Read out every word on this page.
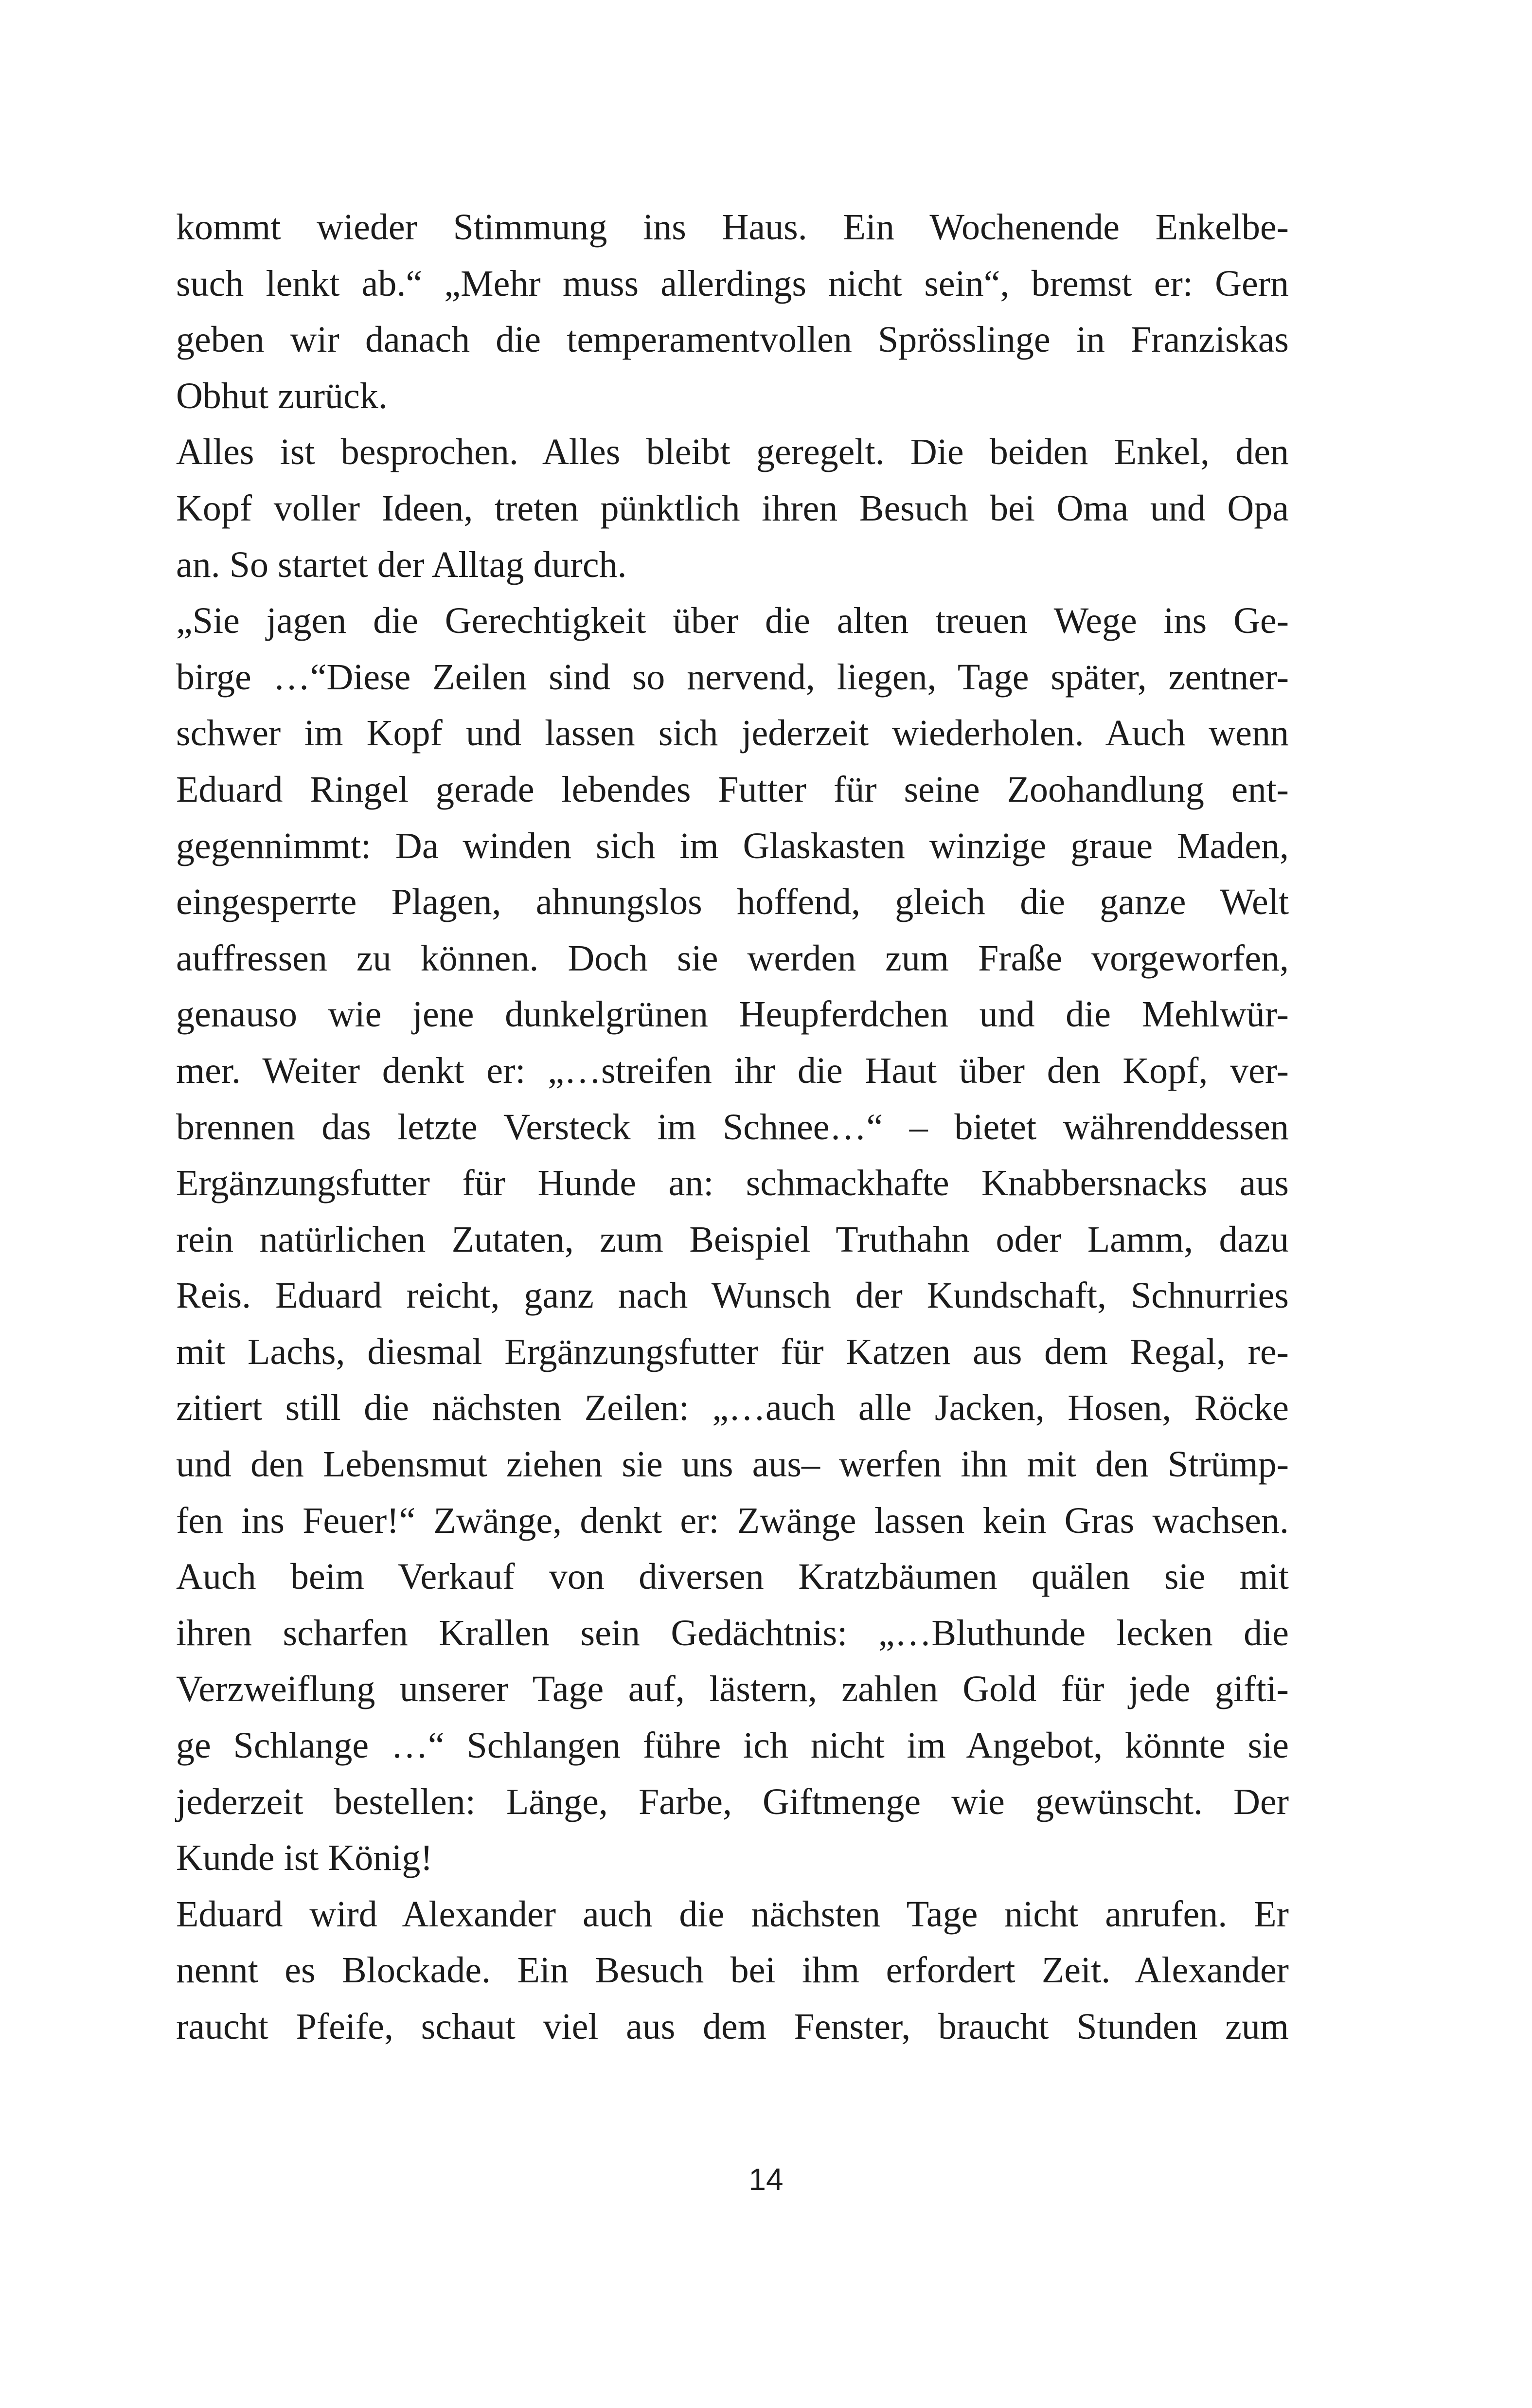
kommt wieder Stimmung ins Haus. Ein Wochenende Enkelbe-
such lenkt ab.“ „Mehr muss allerdings nicht sein“, bremst er: Gern
geben wir danach die temperamentvollen Sprösslinge in Franziskas
Obhut zurück.
Alles ist besprochen. Alles bleibt geregelt. Die beiden Enkel, den
Kopf voller Ideen, treten pünktlich ihren Besuch bei Oma und Opa
an. So startet der Alltag durch.
„Sie jagen die Gerechtigkeit über die alten treuen Wege ins Ge-
birge …“Diese Zeilen sind so nervend, liegen, Tage später, zentner-
schwer im Kopf und lassen sich jederzeit wiederholen. Auch wenn
Eduard Ringel gerade lebendes Futter für seine Zoohandlung ent-
gegennimmt: Da winden sich im Glaskasten winzige graue Maden,
eingesperrte Plagen, ahnungslos hoffend, gleich die ganze Welt
auffressen zu können. Doch sie werden zum Fraße vorgeworfen,
genauso wie jene dunkelgrünen Heupferdchen und die Mehlwür-
mer. Weiter denkt er: „…streifen ihr die Haut über den Kopf, ver-
brennen das letzte Versteck im Schnee…“ – bietet währenddessen
Ergänzungsfutter für Hunde an: schmackhafte Knabbersnacks aus
rein natürlichen Zutaten, zum Beispiel Truthahn oder Lamm, dazu
Reis. Eduard reicht, ganz nach Wunsch der Kundschaft, Schnurries
mit Lachs, diesmal Ergänzungsfutter für Katzen aus dem Regal, re-
zitiert still die nächsten Zeilen: „…auch alle Jacken, Hosen, Röcke
und den Lebensmut ziehen sie uns aus– werfen ihn mit den Strümp-
fen ins Feuer!“ Zwänge, denkt er: Zwänge lassen kein Gras wachsen.
Auch beim Verkauf von diversen Kratzbäumen quälen sie mit
ihren scharfen Krallen sein Gedächtnis: „…Bluthunde lecken die
Verzweiflung unserer Tage auf, lästern, zahlen Gold für jede gifti-
ge Schlange …“ Schlangen führe ich nicht im Angebot, könnte sie
jederzeit bestellen: Länge, Farbe, Giftmenge wie gewünscht. Der
Kunde ist König!
Eduard wird Alexander auch die nächsten Tage nicht anrufen. Er
nennt es Blockade. Ein Besuch bei ihm erfordert Zeit. Alexander
raucht Pfeife, schaut viel aus dem Fenster, braucht Stunden zum
14
